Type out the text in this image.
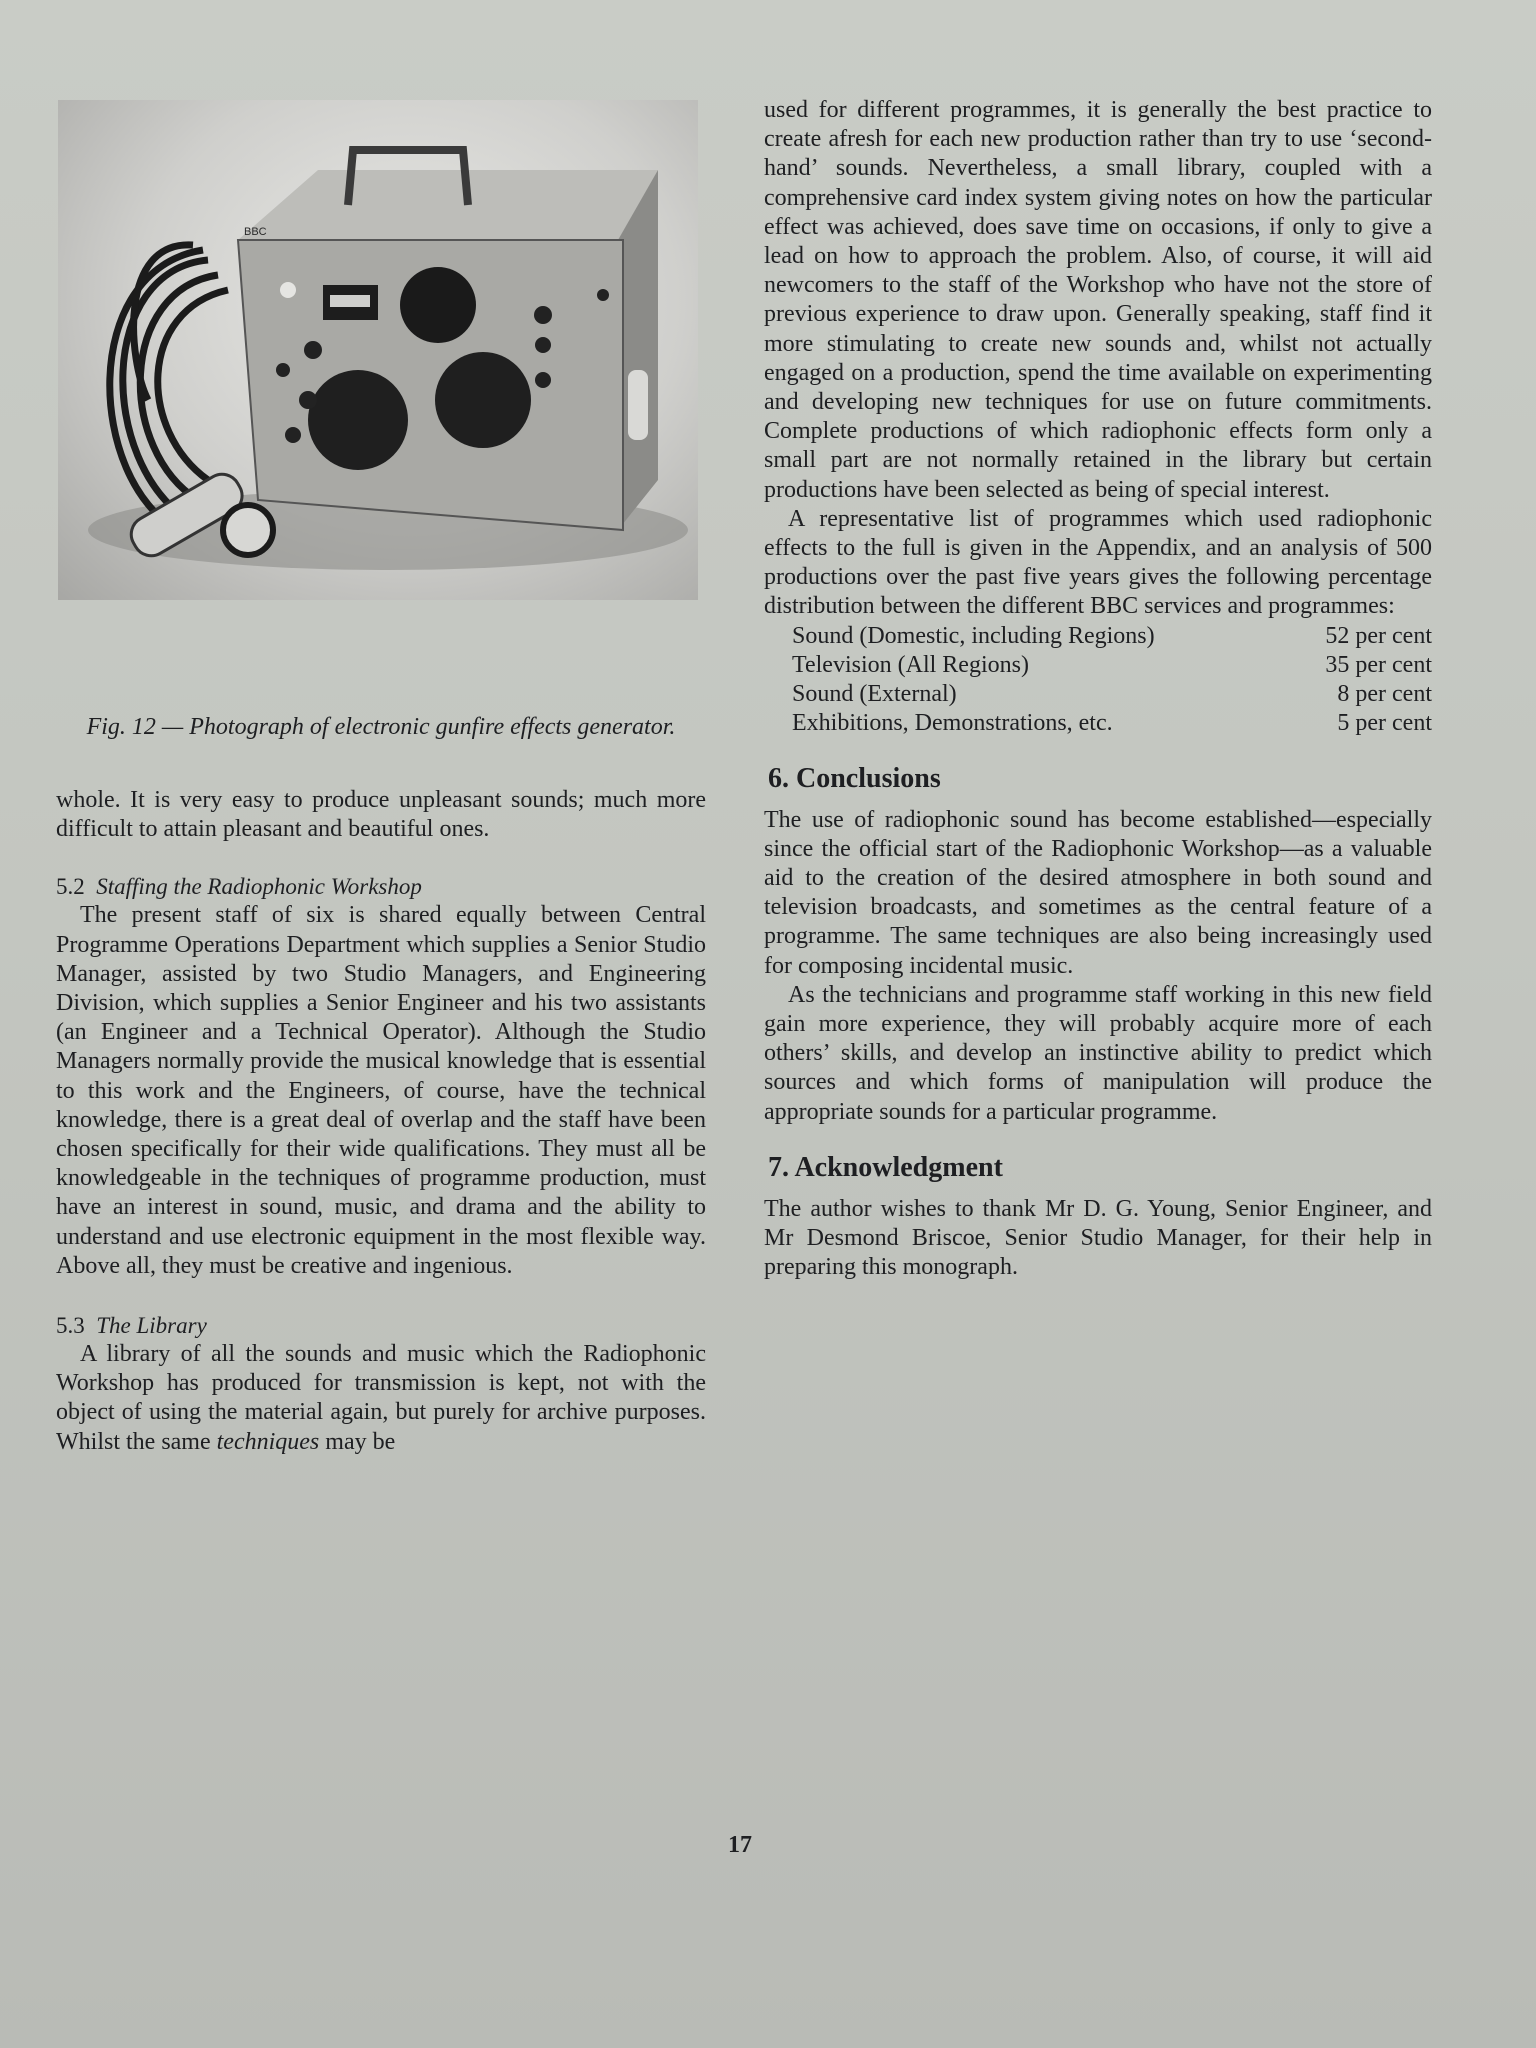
BBC
Fig. 12 — Photograph of electronic gunfire effects generator.

whole. It is very easy to produce unpleasant sounds; much more difficult to attain pleasant and beautiful ones.

5.2 Staffing the Radiophonic Workshop

The present staff of six is shared equally between Central Programme Operations Department which supplies a Senior Studio Manager, assisted by two Studio Managers, and Engineering Division, which supplies a Senior Engineer and his two assistants (an Engineer and a Technical Operator). Although the Studio Managers normally provide the musical knowledge that is essential to this work and the Engineers, of course, have the technical knowledge, there is a great deal of overlap and the staff have been chosen specifically for their wide qualifications. They must all be knowledgeable in the techniques of programme production, must have an interest in sound, music, and drama and the ability to understand and use electronic equipment in the most flexible way. Above all, they must be creative and ingenious.

5.3 The Library

A library of all the sounds and music which the Radiophonic Workshop has produced for transmission is kept, not with the object of using the material again, but purely for archive purposes. Whilst the same techniques may be

used for different programmes, it is generally the best practice to create afresh for each new production rather than try to use ‘second-hand’ sounds. Nevertheless, a small library, coupled with a comprehensive card index system giving notes on how the particular effect was achieved, does save time on occasions, if only to give a lead on how to approach the problem. Also, of course, it will aid newcomers to the staff of the Workshop who have not the store of previous experience to draw upon. Generally speaking, staff find it more stimulating to create new sounds and, whilst not actually engaged on a production, spend the time available on experimenting and developing new techniques for use on future commitments. Complete productions of which radiophonic effects form only a small part are not normally retained in the library but certain productions have been selected as being of special interest.

A representative list of programmes which used radiophonic effects to the full is given in the Appendix, and an analysis of 500 productions over the past five years gives the following percentage distribution between the different BBC services and programmes:

Sound (Domestic, including Regions)	52 per cent
Television (All Regions)	35 per cent
Sound (External)	8 per cent
Exhibitions, Demonstrations, etc.	5 per cent
6. Conclusions

The use of radiophonic sound has become established—especially since the official start of the Radiophonic Workshop—as a valuable aid to the creation of the desired atmosphere in both sound and television broadcasts, and sometimes as the central feature of a programme. The same techniques are also being increasingly used for composing incidental music.

As the technicians and programme staff working in this new field gain more experience, they will probably acquire more of each others’ skills, and develop an instinctive ability to predict which sources and which forms of manipulation will produce the appropriate sounds for a particular programme.

7. Acknowledgment

The author wishes to thank Mr D. G. Young, Senior Engineer, and Mr Desmond Briscoe, Senior Studio Manager, for their help in preparing this monograph.

17
